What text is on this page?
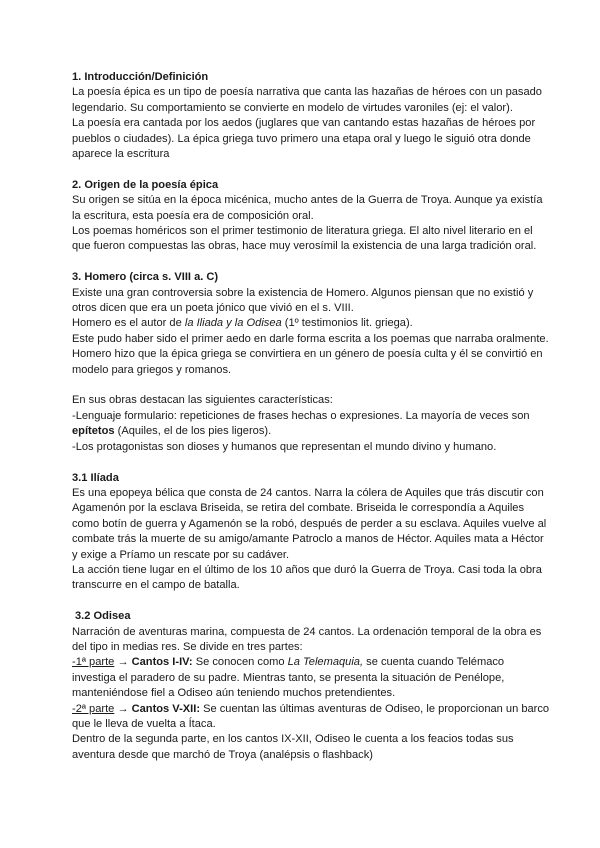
1. Introducción/Definición
La poesía épica es un tipo de poesía narrativa que canta las hazañas de héroes con un pasado legendario. Su comportamiento se convierte en modelo de virtudes varoniles (ej: el valor).
La poesía era cantada por los aedos (juglares que van cantando estas hazañas de héroes por pueblos o ciudades). La épica griega tuvo primero una etapa oral y luego le siguió otra donde aparece la escritura
2. Origen de la poesía épica
Su origen se sitúa en la época micénica, mucho antes de la Guerra de Troya. Aunque ya existía la escritura, esta poesía era de composición oral.
Los poemas homéricos son el primer testimonio de literatura griega. El alto nivel literario en el que fueron compuestas las obras, hace muy verosímil la existencia de una larga tradición oral.
3. Homero (circa s. VIII a. C)
Existe una gran controversia sobre la existencia de Homero. Algunos piensan que no existió y otros dicen que era un poeta jónico que vivió en el s. VIII.
Homero es el autor de la Iliada y la Odisea (1º testimonios lit. griega).
Este pudo haber sido el primer aedo en darle forma escrita a los poemas que narraba oralmente.
Homero hizo que la épica griega se convirtiera en un género de poesía culta y él se convirtió en modelo para griegos y romanos.
En sus obras destacan las siguientes características:
-Lenguaje formulario: repeticiones de frases hechas o expresiones. La mayoría de veces son epítetos (Aquiles, el de los pies ligeros).
-Los protagonistas son dioses y humanos que representan el mundo divino y humano.
3.1 Ilíada
Es una epopeya bélica que consta de 24 cantos. Narra la cólera de Aquiles que trás discutir con Agamenón por la esclava Briseida, se retira del combate. Briseida le correspondía a Aquiles como botín de guerra y Agamenón se la robó, después de perder a su esclava. Aquiles vuelve al combate trás la muerte de su amigo/amante Patroclo a manos de Héctor. Aquiles mata a Héctor y exige a Príamo un rescate por su cadáver.
La acción tiene lugar en el último de los 10 años que duró la Guerra de Troya. Casi toda la obra transcurre en el campo de batalla.
3.2 Odisea
Narración de aventuras marina, compuesta de 24 cantos. La ordenación temporal de la obra es del tipo in medias res. Se divide en tres partes:
-1ª parte → Cantos I-IV: Se conocen como La Telemaquia, se cuenta cuando Telémaco investiga el paradero de su padre. Mientras tanto, se presenta la situación de Penélope, manteniéndose fiel a Odiseo aún teniendo muchos pretendientes.
-2ª parte → Cantos V-XII: Se cuentan las últimas aventuras de Odiseo, le proporcionan un barco que le lleva de vuelta a Ítaca.
Dentro de la segunda parte, en los cantos IX-XII, Odiseo le cuenta a los feacios todas sus aventura desde que marchó de Troya (analépsis o flashback)
